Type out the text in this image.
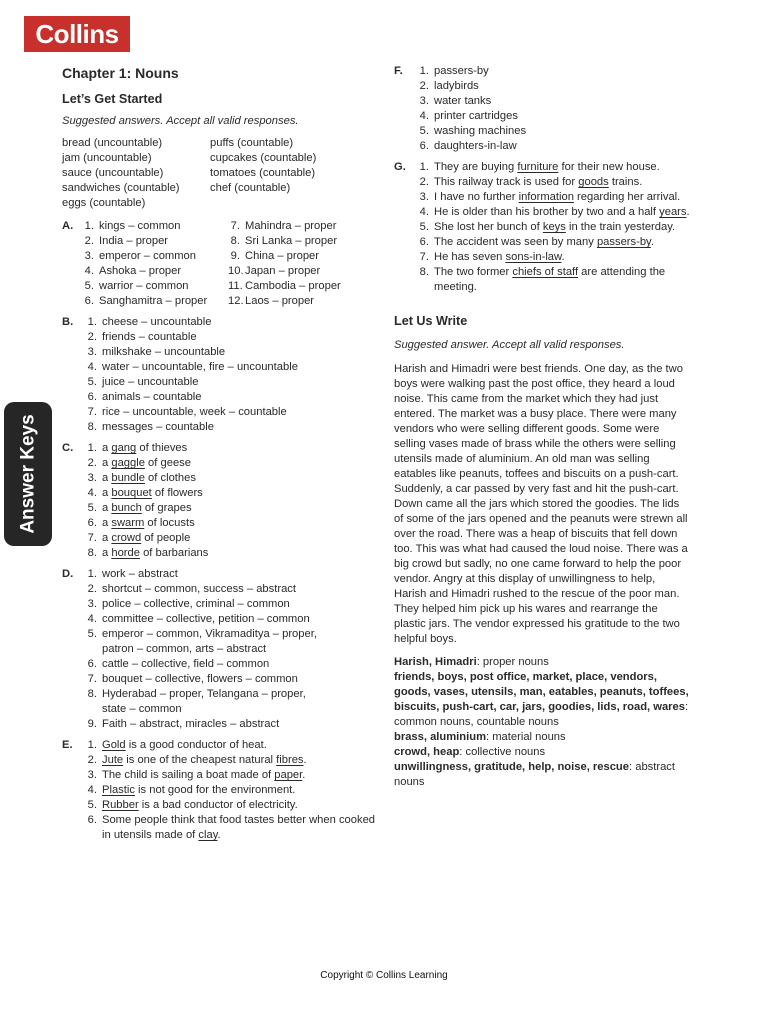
Collins
Answer Keys
Chapter 1: Nouns
Let’s Get Started
Suggested answers. Accept all valid responses.
bread (uncountable)	puffs (countable)
jam (uncountable)	cupcakes (countable)
sauce (uncountable)	tomatoes (countable)
sandwiches (countable)	chef (countable)
eggs (countable)
A. 1. kings – common	7. Mahindra – proper
2. India – proper	8. Sri Lanka – proper
3. emperor – common	9. China – proper
4. Ashoka – proper	10. Japan – proper
5. warrior – common	11. Cambodia – proper
6. Sanghamitra – proper	12. Laos – proper
B.	1. cheese – uncountable
2. friends – countable
3. milkshake – uncountable
4. water – uncountable, fire – uncountable
5. juice – uncountable
6. animals – countable
7. rice – uncountable, week – countable
8. messages – countable
C.	1. a gang of thieves
2. a gaggle of geese
3. a bundle of clothes
4. a bouquet of flowers
5. a bunch of grapes
6. a swarm of locusts
7. a crowd of people
8. a horde of barbarians
D.	1. work – abstract
2. shortcut – common, success – abstract
3. police – collective, criminal – common
4. committee – collective, petition – common
5. emperor – common, Vikramaditya – proper,
patron – common, arts – abstract
6. cattle – collective, field – common
7. bouquet – collective, flowers – common
8. Hyderabad – proper, Telangana – proper,
state – common
9. Faith – abstract, miracles – abstract
E.	1. Gold is a good conductor of heat.
2. Jute is one of the cheapest natural fibres.
3. The child is sailing a boat made of paper.
4. Plastic is not good for the environment.
5. Rubber is a bad conductor of electricity.
6. Some people think that food tastes better when cooked in utensils made of clay.
F.	1. passers-by
2. ladybirds
3. water tanks
4. printer cartridges
5. washing machines
6. daughters-in-law
G.	1. They are buying furniture for their new house.
2. This railway track is used for goods trains.
3. I have no further information regarding her arrival.
4. He is older than his brother by two and a half years.
5. She lost her bunch of keys in the train yesterday.
6. The accident was seen by many passers-by.
7. He has seven sons-in-law.
8. The two former chiefs of staff are attending the meeting.
Let Us Write
Suggested answer. Accept all valid responses.
Harish and Himadri were best friends. One day, as the two boys were walking past the post office, they heard a loud noise. This came from the market which they had just entered. The market was a busy place. There were many vendors who were selling different goods. Some were selling vases made of brass while the others were selling utensils made of aluminium. An old man was selling eatables like peanuts, toffees and biscuits on a push-cart. Suddenly, a car passed by very fast and hit the push-cart. Down came all the jars which stored the goodies. The lids of some of the jars opened and the peanuts were strewn all over the road. There was a heap of biscuits that fell down too. This was what had caused the loud noise. There was a big crowd but sadly, no one came forward to help the poor vendor. Angry at this display of unwillingness to help, Harish and Himadri rushed to the rescue of the poor man. They helped him pick up his wares and rearrange the plastic jars. The vendor expressed his gratitude to the two helpful boys.
Harish, Himadri: proper nouns
friends, boys, post office, market, place, vendors, goods, vases, utensils, man, eatables, peanuts, toffees, biscuits, push-cart, car, jars, goodies, lids, road, wares: common nouns, countable nouns
brass, aluminium: material nouns
crowd, heap: collective nouns
unwillingness, gratitude, help, noise, rescue: abstract nouns
Copyright © Collins Learning
